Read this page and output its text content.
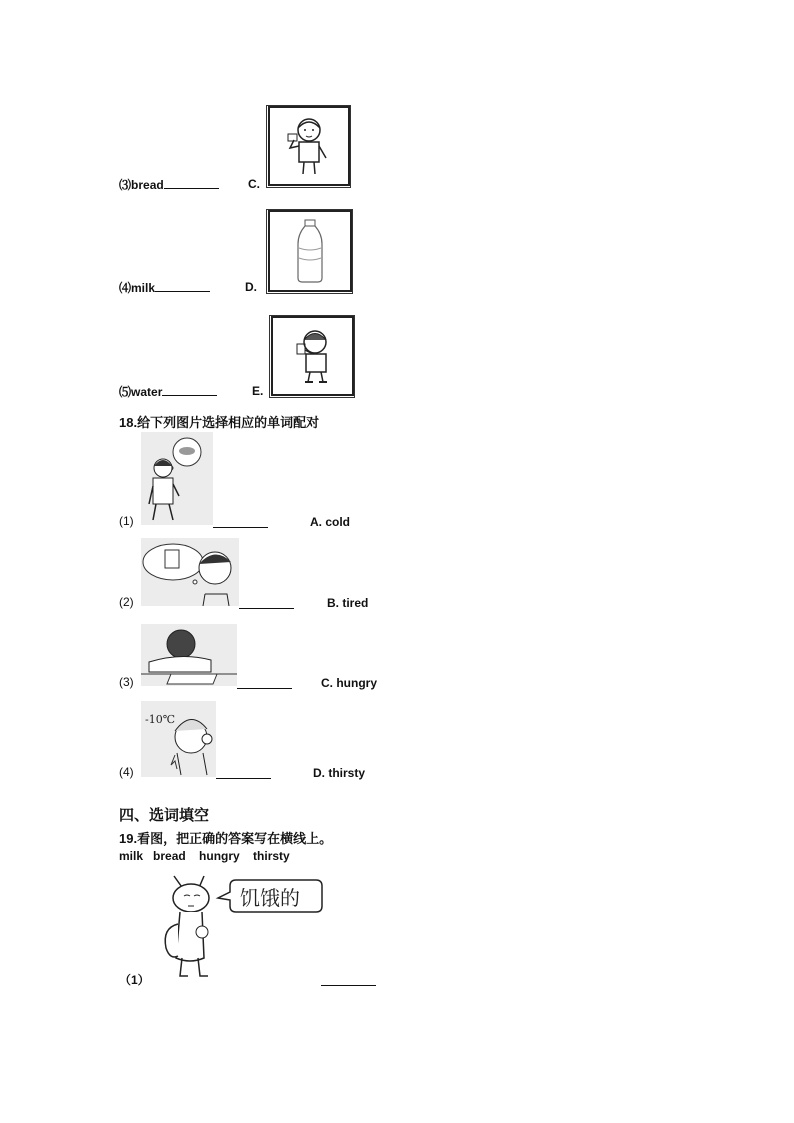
⑶bread	C.
⑷milk	D.
⑸water	E.
18.给下列图片选择相应的单词配对
(1)	A. cold
(2)	B. tired
(3)	C. hungry
-10℃
(4)	D. thirsty
四、选词填空
19.看图，把正确的答案写在横线上。
milk   bread    hungry    thirsty
饥饿的
（1）
